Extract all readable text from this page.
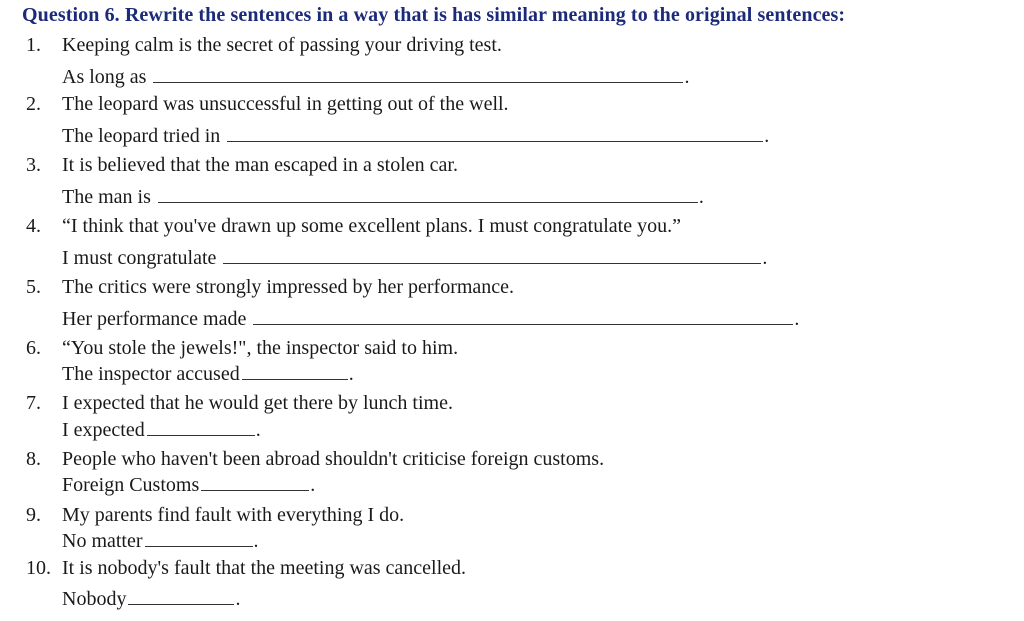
Question 6. Rewrite the sentences in a way that is has similar meaning to the original sentences:
1.	Keeping calm is the secret of passing your driving test.
As long as	.
2.	The leopard was unsuccessful in getting out of the well.
The leopard tried in	.
3.	It is believed that the man escaped in a stolen car.
The man is	.
4.	“I think that you've drawn up some excellent plans. I must congratulate you.”
I must congratulate	.
5.	The critics were strongly impressed by her performance.
Her performance made	.
6.	“You stole the jewels!", the inspector said to him.
The inspector accused	.
7.	I expected that he would get there by lunch time.
I expected	.
8.	People who haven't been abroad shouldn't criticise foreign customs.
Foreign Customs	.
9.	My parents find fault with everything I do.
No matter	.
10. It is nobody's fault that the meeting was cancelled.
Nobody	.
